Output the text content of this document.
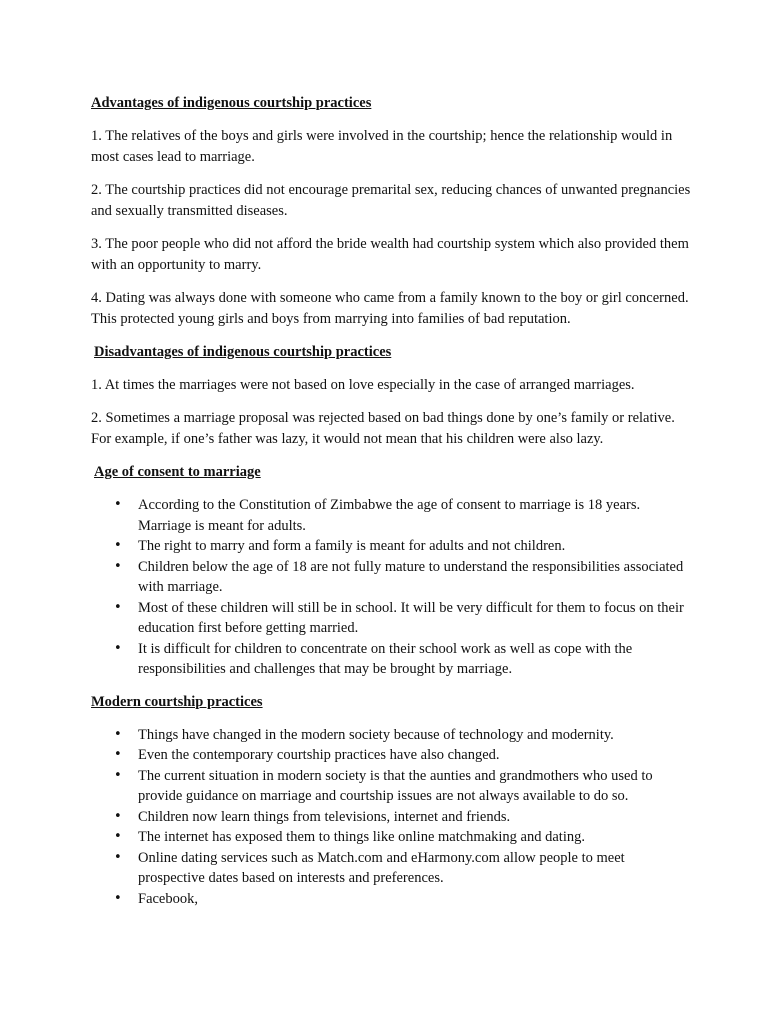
Advantages of indigenous courtship practices

1. The relatives of the boys and girls were involved in the courtship; hence the relationship would in most cases lead to marriage.

2. The courtship practices did not encourage premarital sex, reducing chances of unwanted pregnancies and sexually transmitted diseases.

3. The poor people who did not afford the bride wealth had courtship system which also provided them with an opportunity to marry.

4. Dating was always done with someone who came from a family known to the boy or girl concerned. This protected young girls and boys from marrying into families of bad reputation.

Disadvantages of indigenous courtship practices

1. At times the marriages were not based on love especially in the case of arranged marriages.

2. Sometimes a marriage proposal was rejected based on bad things done by one’s family or relative. For example, if one’s father was lazy, it would not mean that his children were also lazy.

Age of consent to marriage
• According to the Constitution of Zimbabwe the age of consent to marriage is 18 years. Marriage is meant for adults.
• The right to marry and form a family is meant for adults and not children.
• Children below the age of 18 are not fully mature to understand the responsibilities associated with marriage.
• Most of these children will still be in school. It will be very difficult for them to focus on their education first before getting married.
• It is difficult for children to concentrate on their school work as well as cope with the responsibilities and challenges that may be brought by marriage.
Modern courtship practices
• Things have changed in the modern society because of technology and modernity.
• Even the contemporary courtship practices have also changed.
• The current situation in modern society is that the aunties and grandmothers who used to provide guidance on marriage and courtship issues are not always available to do so.
• Children now learn things from televisions, internet and friends.
• The internet has exposed them to things like online matchmaking and dating.
• Online dating services such as Match.com and eHarmony.com allow people to meet prospective dates based on interests and preferences.
• Facebook,
